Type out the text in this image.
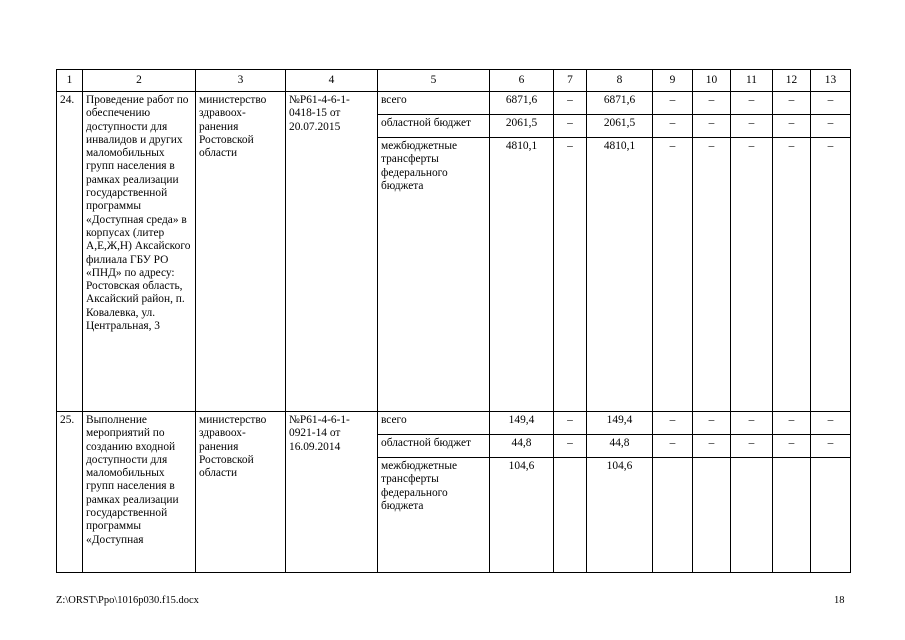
1	2	3	4	5	6	7	8	9	10	11	12	13
24.	Проведение работ по обеспечению доступности для инвалидов и других маломобильных групп населения в рамках реализации государственной программы «Доступная среда» в корпусах (литер А,Е,Ж,Н) Аксайского филиала ГБУ РО «ПНД» по адресу: Ростовская область, Аксайский район, п. Ковалевка, ул. Центральная, 3	министерство здравоох-ранения Ростовской области	№Р61-4-6-1-0418-15 от 20.07.2015	всего	6871,6	–	6871,6	–	–	–	–	–
				областной бюджет	2061,5	–	2061,5	–	–	–	–	–
				межбюджетные трансферты федерального бюджета	4810,1	–	4810,1	–	–	–	–	–
25.	Выполнение мероприятий по созданию входной доступности для маломобильных групп населения в рамках реализации государственной программы «Доступная	министерство здравоох-ранения Ростовской области	№Р61-4-6-1-0921-14 от 16.09.2014	всего	149,4	–	149,4	–	–	–	–	–
				областной бюджет	44,8	–	44,8	–	–	–	–	–
				межбюджетные трансферты федерального бюджета	104,6		104,6					
Z:\ORST\Ppo\1016p030.f15.docx	18
